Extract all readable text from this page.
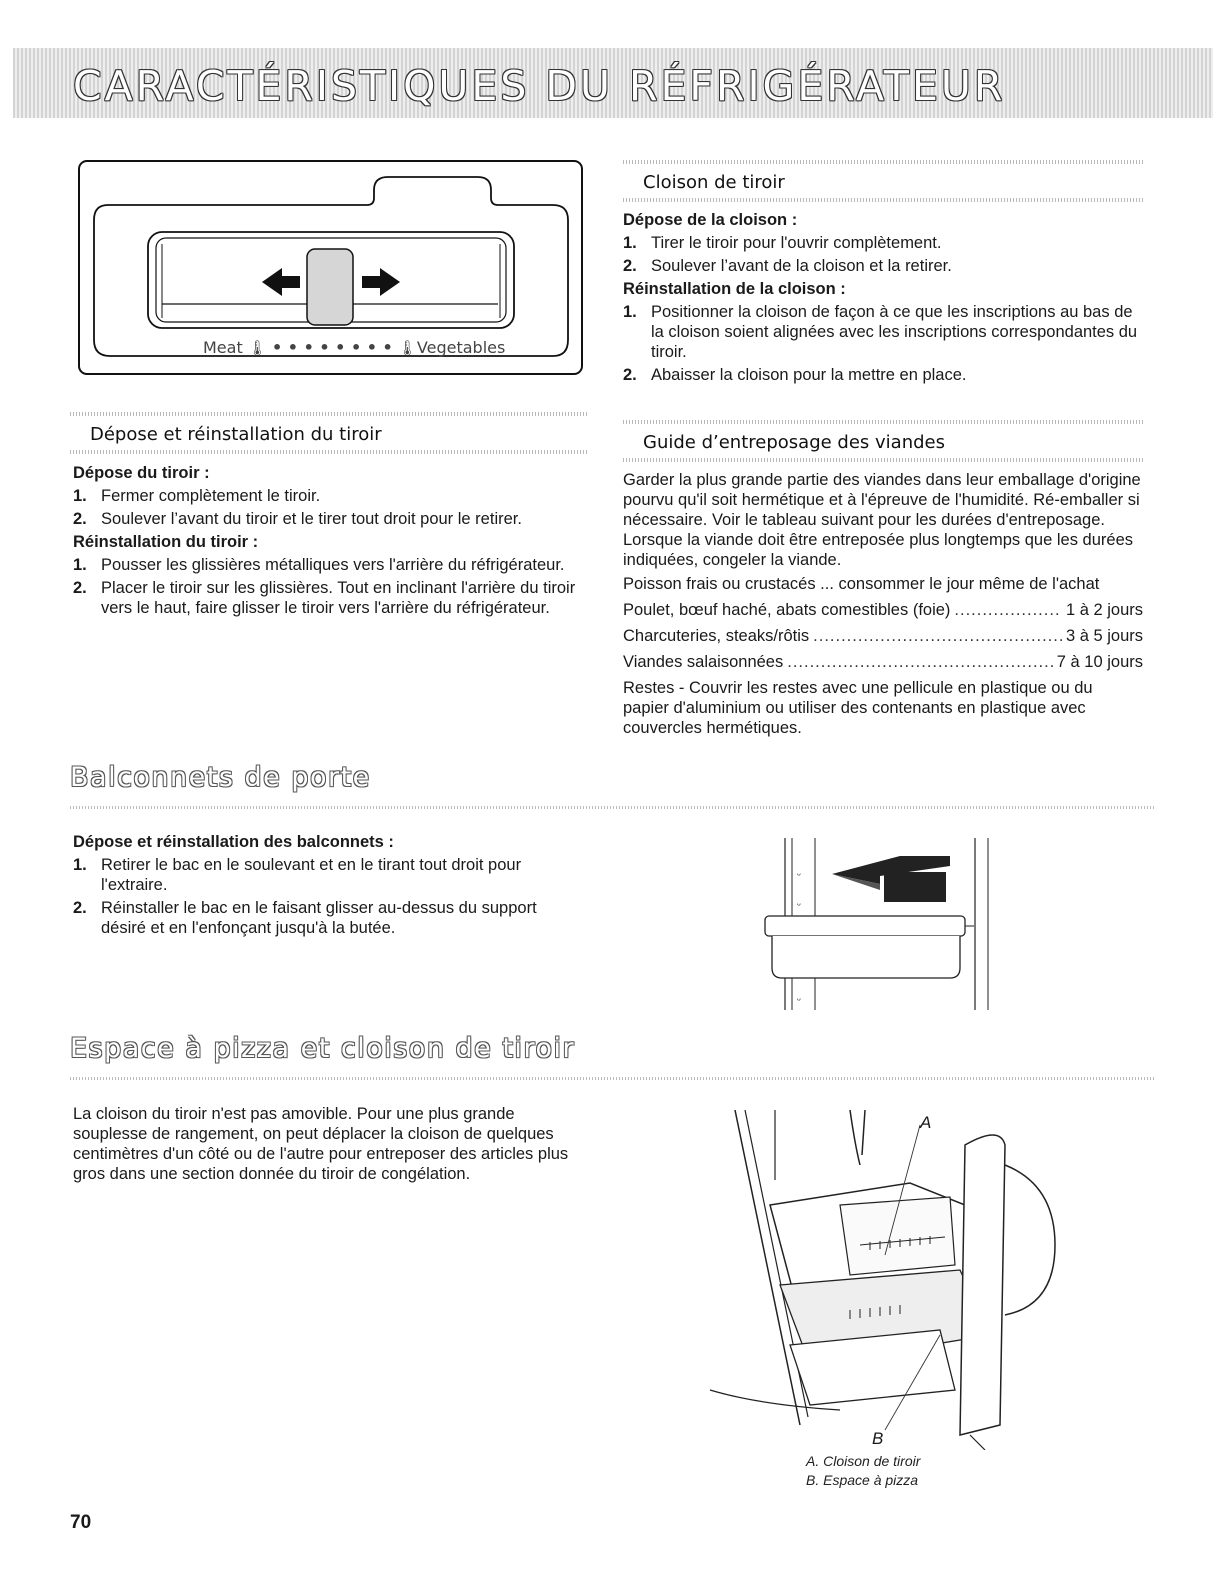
CARACTÉRISTIQUES DU RÉFRIGÉRATEUR
Meat 🌡 • • • • • • • • 🌡Vegetables
Dépose et réinstallation du tiroir
Dépose du tiroir :
1. Fermer complètement le tiroir.
2. Soulever l’avant du tiroir et le tirer tout droit pour le retirer.
Réinstallation du tiroir :
1. Pousser les glissières métalliques vers l'arrière du réfrigérateur.
2. Placer le tiroir sur les glissières. Tout en inclinant l'arrière du tiroir vers le haut, faire glisser le tiroir vers l'arrière du réfrigérateur.
Cloison de tiroir
Dépose de la cloison :
1. Tirer le tiroir pour l'ouvrir complètement.
2. Soulever l’avant de la cloison et la retirer.
Réinstallation de la cloison :
1. Positionner la cloison de façon à ce que les inscriptions au bas de la cloison soient alignées avec les inscriptions correspondantes du tiroir.
2. Abaisser la cloison pour la mettre en place.
Guide d’entreposage des viandes

Garder la plus grande partie des viandes dans leur emballage d'origine pourvu qu'il soit hermétique et à l'épreuve de l'humidité. Ré-emballer si nécessaire. Voir le tableau suivant pour les durées d'entreposage. Lorsque la viande doit être entreposée plus longtemps que les durées indiquées, congeler la viande.

Poisson frais ou crustacés ... consommer le jour même de l'achat

Poulet, bœuf haché, abats comestibles (foie) .....	1 à 2 jours
Charcuteries, steaks/rôtis .....	3 à 5 jours
Viandes salaisonnées .....	7 à 10 jours

Restes - Couvrir les restes avec une pellicule en plastique ou du papier d'aluminium ou utiliser des contenants en plastique avec couvercles hermétiques.

Balconnets de porte
Dépose et réinstallation des balconnets :
1. Retirer le bac en le soulevant et en le tirant tout droit pour l'extraire.
2. Réinstaller le bac en le faisant glisser au-dessus du support désiré et en l'enfonçant jusqu'à la butée.
ᵕ
ᵕ
ᵕ
Espace à pizza et cloison de tiroir

La cloison du tiroir n'est pas amovible. Pour une plus grande souplesse de rangement, on peut déplacer la cloison de quelques centimètres d'un côté ou de l'autre pour entreposer des articles plus gros dans une section donnée du tiroir de congélation.

A
B
A. Cloison de tiroir
B. Espace à pizza
70
